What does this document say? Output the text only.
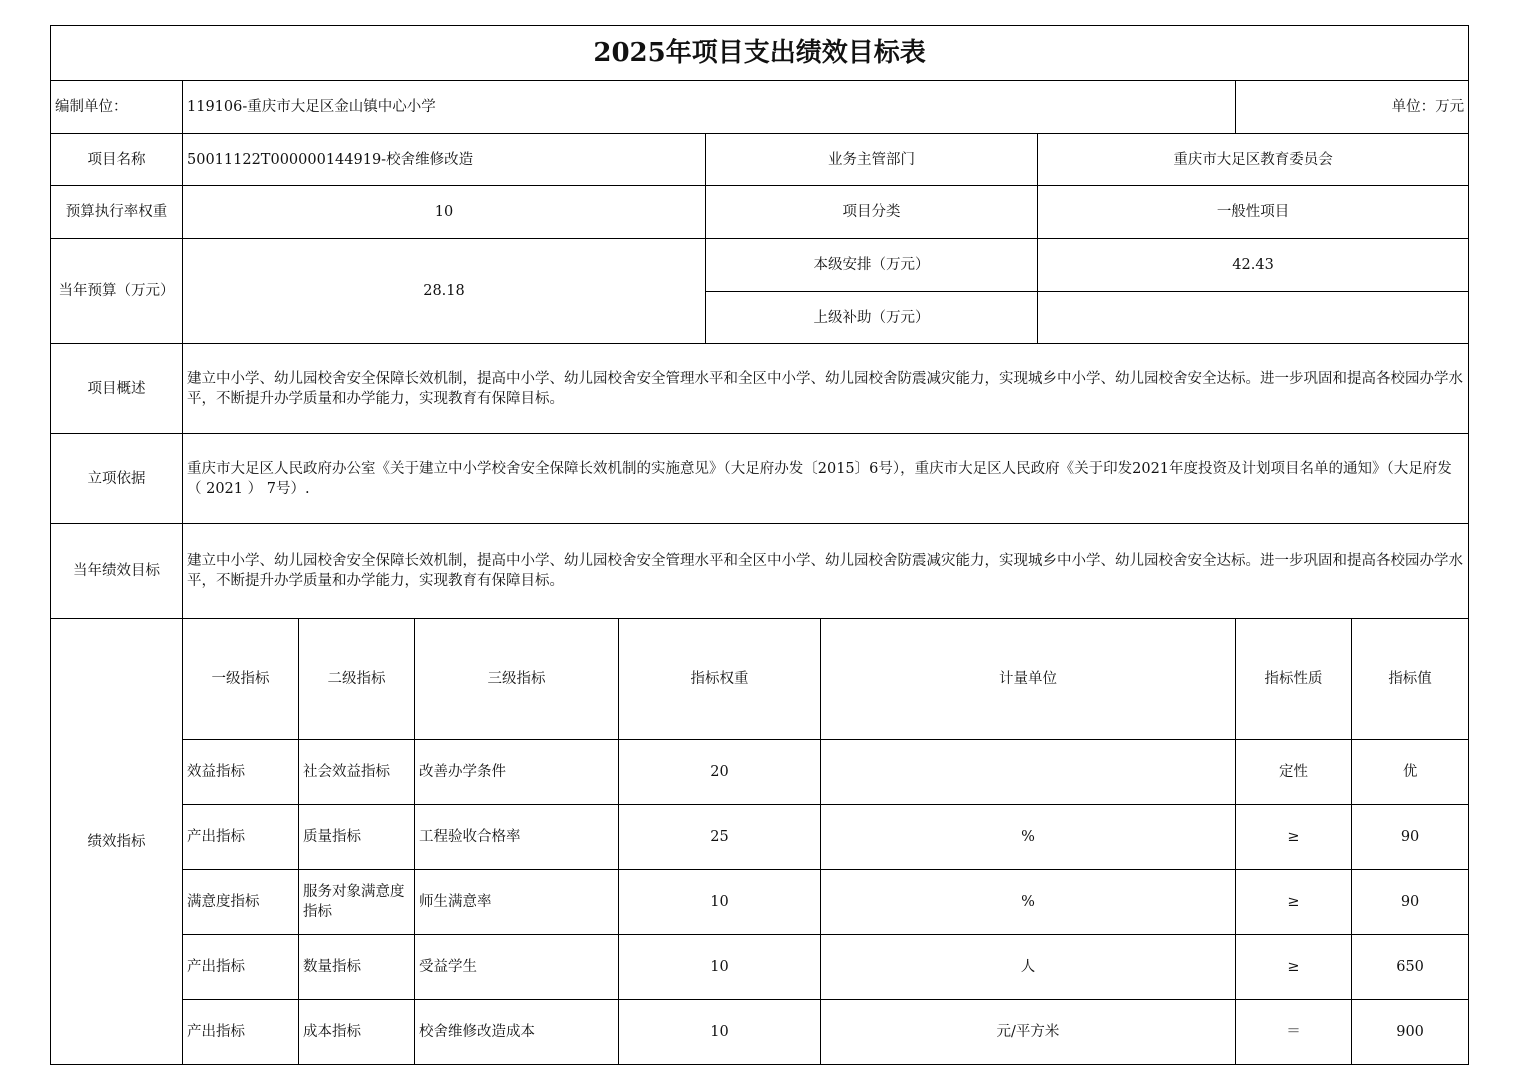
2025年项目支出绩效目标表										
编制单位：	119106-重庆市大足区金山镇中心小学							单位：万元		
项目名称	50011122T000000144919-校舍维修改造				业务主管部门		重庆市大足区教育委员会			
预算执行率权重	10				项目分类		一般性项目			
当年预算（万元）	28.18				本级安排（万元）		42.43			
					上级补助（万元）					
项目概述	建立中小学、幼儿园校舍安全保障长效机制，提高中小学、幼儿园校舍安全管理水平和全区中小学、幼儿园校舍防震减灾能力，实现城乡中小学、幼儿园校舍安全达标。进一步巩固和提高各校园办学水平，不断提升办学质量和办学能力，实现教育有保障目标。									
立项依据	重庆市大足区人民政府办公室《关于建立中小学校舍安全保障长效机制的实施意见》（大足府办发〔2015〕6号），重庆市大足区人民政府《关于印发2021年度投资及计划项目名单的通知》（大足府发（ 2021 ） 7号）.									
当年绩效目标	建立中小学、幼儿园校舍安全保障长效机制，提高中小学、幼儿园校舍安全管理水平和全区中小学、幼儿园校舍防震减灾能力，实现城乡中小学、幼儿园校舍安全达标。进一步巩固和提高各校园办学水平，不断提升办学质量和办学能力，实现教育有保障目标。									
绩效指标	一级指标	二级指标	三级指标	指标权重		计量单位		指标性质	指标值	
	效益指标	社会效益指标	改善办学条件	20				定性	优	
	产出指标	质量指标	工程验收合格率	25		%		≥	90	
	满意度指标	服务对象满意度指标	师生满意率	10		%		≥	90	
	产出指标	数量指标	受益学生	10		人		≥	650	
	产出指标	成本指标	校舍维修改造成本	10		元/平方米		＝	900	
